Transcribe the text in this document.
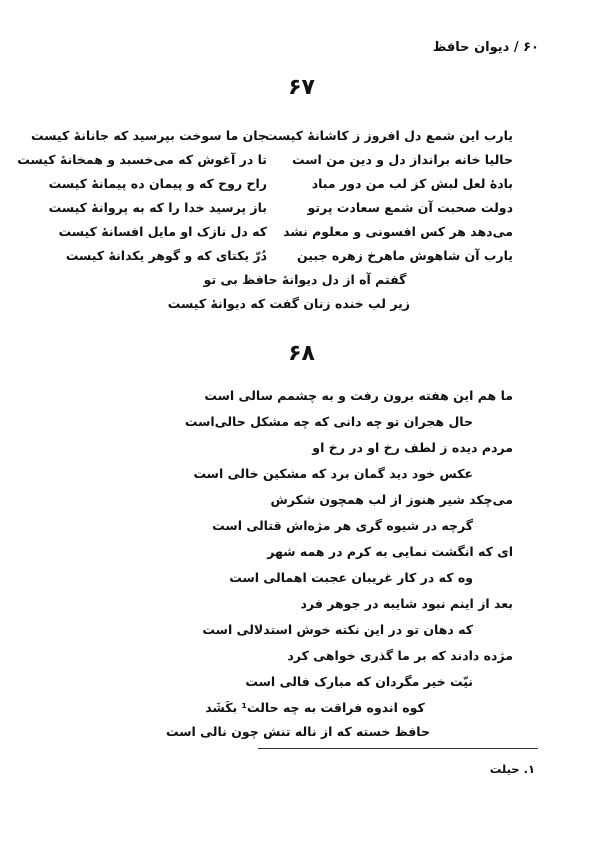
۶۰ / دیوان حافظ
۶۷
یارب این شمع دل افروز ز کاشانهٔ کیست
جان ما سوخت بپرسید که جانانهٔ کیست
حالیا خانه برانداز دل و دین من است
تا در آغوش که می‌خسبد و همخانهٔ کیست
بادهٔ لعل لبش کز لب من دور مباد
راح روح که و پیمان ده پیمانهٔ کیست
دولت صحبت آن شمع سعادت پرتو
باز پرسید خدا را که به پروانهٔ کیست
می‌دهد هر کس افسونی و معلوم نشد
که دل نازک او مایل افسانهٔ کیست
یارب آن شاهوش ماهرخ زهره جبین
دُرّ یکتای که و گوهر یکدانهٔ کیست
گفتم آه از دل دیوانهٔ حافظ بی تو
زیر لب خنده زنان گفت که دیوانهٔ کیست
۶۸
ما هم این هفته برون رفت و به چشمم سالی است
حال هجران تو چه دانی که چه مشکل حالی‌است
مردم دیده ز لطف رخ او در رخ او
عکس خود دید گمان برد که مشکین خالی است
می‌چکد شیر هنوز از لب همچون شکرش
گرچه در شیوه گری هر مژه‌اش قتالی است
ای که انگشت نمایی به کرم در همه شهر
وه که در کار غریبان عجبت اهمالی است
بعد از اینم نبود شایبه در جوهر فرد
که دهان تو در این نکته خوش استدلالی است
مژده دادند که بر ما گذری خواهی کرد
نیّت خیر مگردان که مبارک فالی است
کوه اندوه فراقت به چه حالت¹ بکَشَد
حافظ خسته که از ناله تنش چون نالی است
۱. حیلت
